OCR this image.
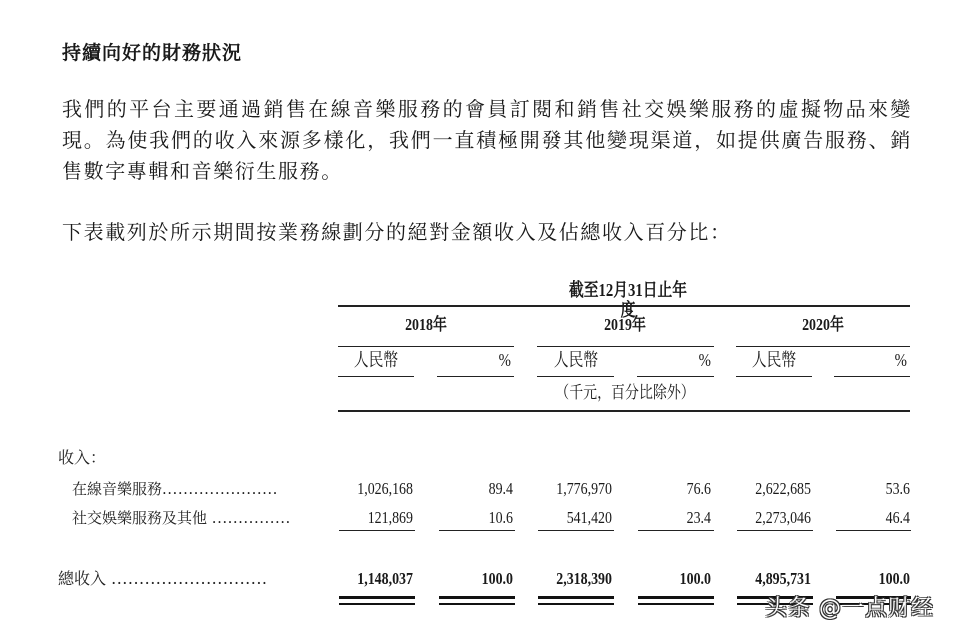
持續向好的財務狀況
我們的平台主要通過銷售在線音樂服務的會員訂閱和銷售社交娛樂服務的虛擬物品來變現。為使我們的收入來源多樣化，我們一直積極開發其他變現渠道，如提供廣告服務、銷售數字專輯和音樂衍生服務。
下表載列於所示期間按業務線劃分的絕對金額收入及佔總收入百分比：
截至12月31日止年度
2018年	2019年	2020年
人民幣	% 人民幣	% 人民幣	%
（千元，百分比除外）
收入：
在線音樂服務......................	1,026,168	89.4	1,776,970	76.6	2,622,685	53.6
社交娛樂服務及其他 ...............	121,869	10.6	541,420	23.4	2,273,046	46.4
總收入 ............................	1,148,037	100.0	2,318,390	100.0	4,895,731	100.0
头条 @一点财经
